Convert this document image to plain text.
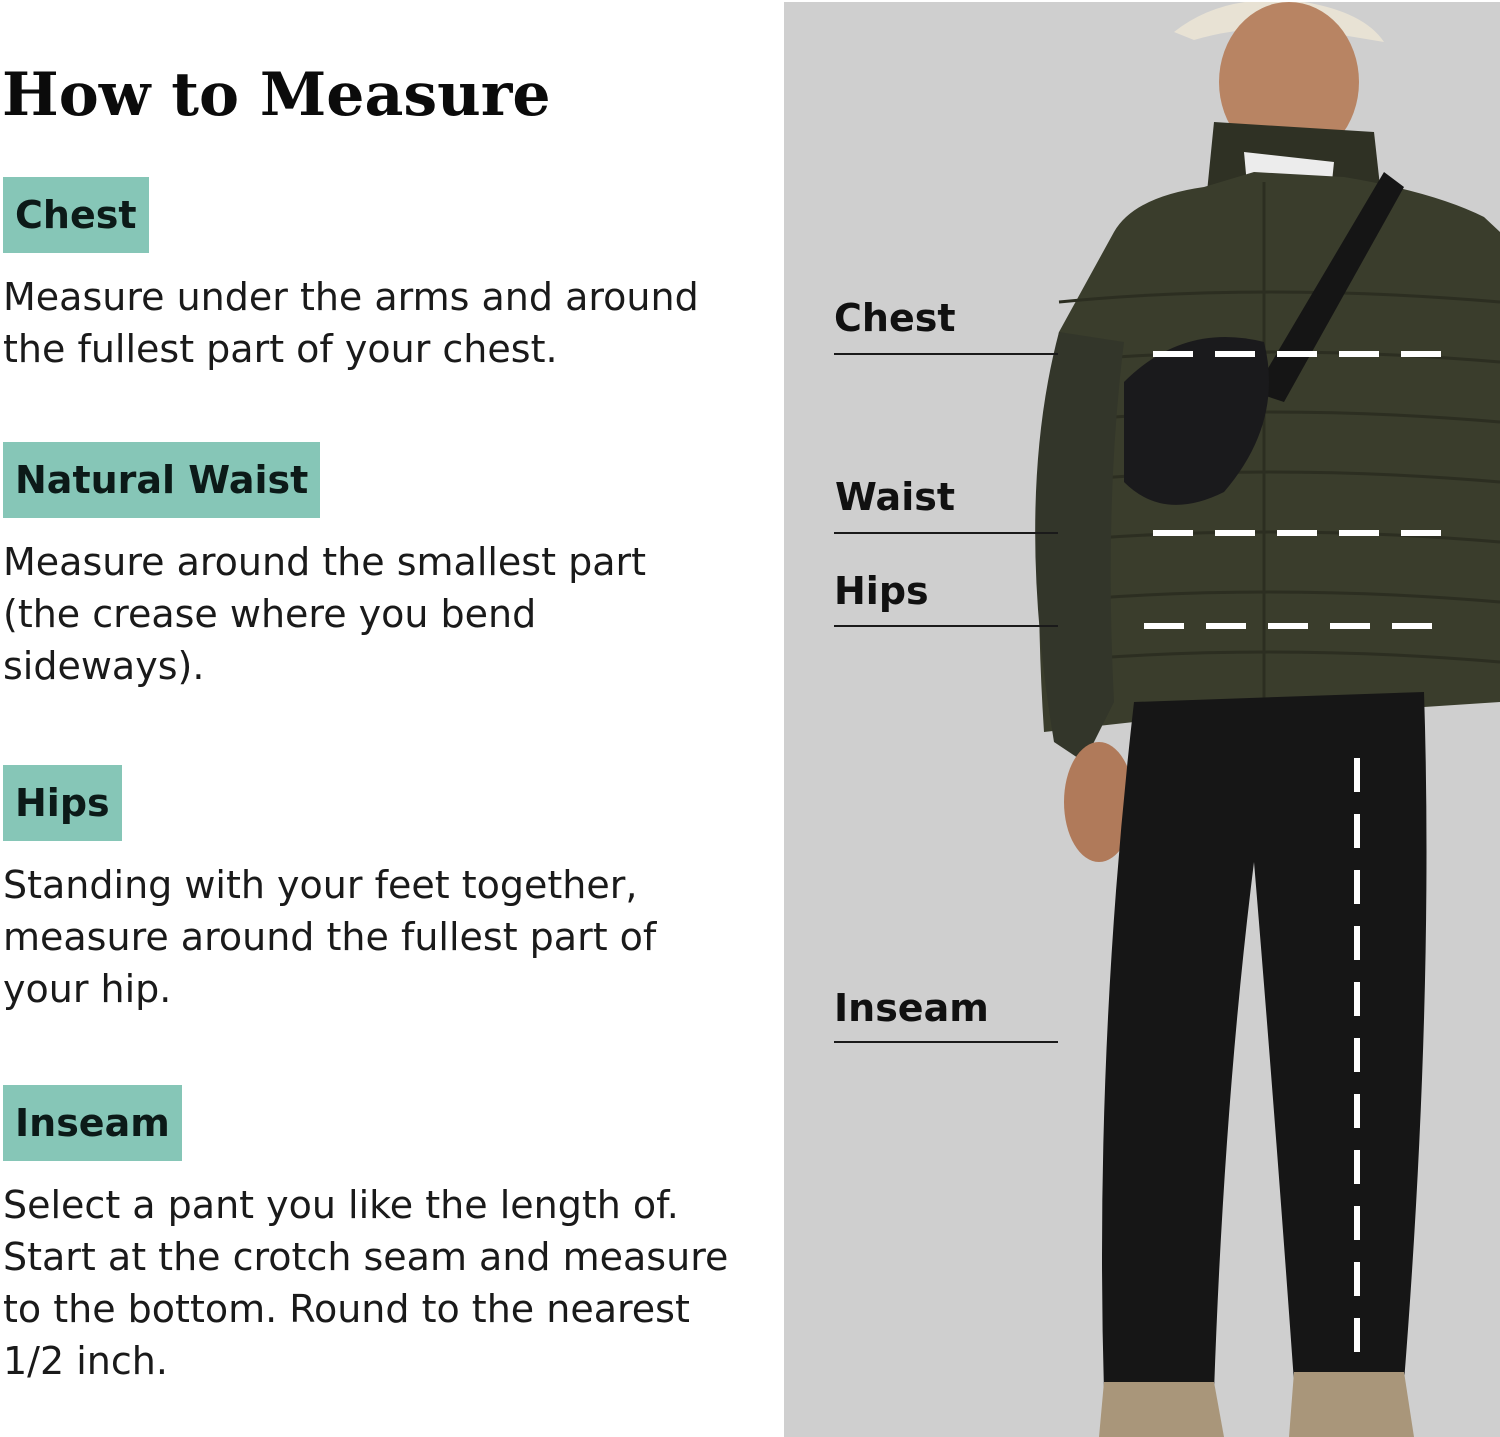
How to Measure
Chest

Measure under the arms and around
the fullest part of your chest.

Natural Waist

Measure around the smallest part
(the crease where you bend
sideways).

Hips

Standing with your feet together,
measure around the fullest part of
your hip.

Inseam

Select a pant you like the length of.
Start at the crotch seam and measure
to the bottom. Round to the nearest
1/2 inch.

Chest
Waist
Hips
Inseam
